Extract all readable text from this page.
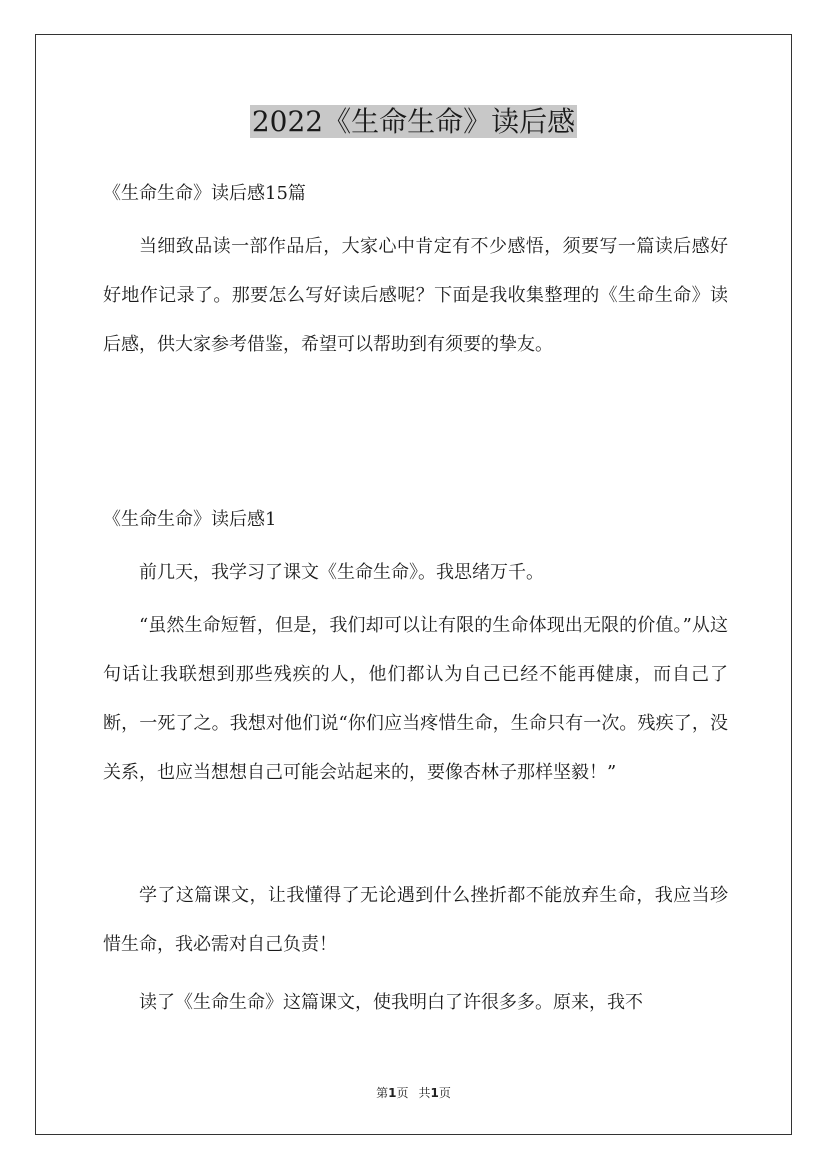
2022《生命生命》读后感

《生命生命》读后感15篇

当细致品读一部作品后，大家心中肯定有不少感悟，须要写一篇读后感好好地作记录了。那要怎么写好读后感呢？下面是我收集整理的《生命生命》读后感，供大家参考借鉴，希望可以帮助到有须要的挚友。

《生命生命》读后感1

前几天，我学习了课文《生命生命》。我思绪万千。

“虽然生命短暂，但是，我们却可以让有限的生命体现出无限的价值。”从这句话让我联想到那些残疾的人，他们都认为自己已经不能再健康，而自己了断，一死了之。我想对他们说“你们应当疼惜生命，生命只有一次。残疾了，没关系，也应当想想自己可能会站起来的，要像杏林子那样坚毅！”

学了这篇课文，让我懂得了无论遇到什么挫折都不能放弃生命，我应当珍惜生命，我必需对自己负责！

读了《生命生命》这篇课文，使我明白了许很多多。原来，我不

第1页 共1页
